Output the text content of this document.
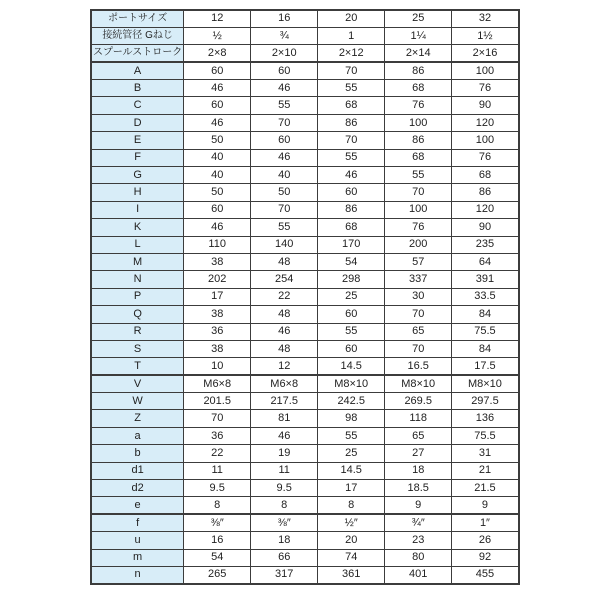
ポートサイズ	12	16	20	25	32
接続管径 Gねじ	½	¾	1	1¼	1½
スプールストローク	2×8	2×10	2×12	2×14	2×16
A	60	60	70	86	100
B	46	46	55	68	76
C	60	55	68	76	90
D	46	70	86	100	120
E	50	60	70	86	100
F	40	46	55	68	76
G	40	40	46	55	68
H	50	50	60	70	86
I	60	70	86	100	120
K	46	55	68	76	90
L	110	140	170	200	235
M	38	48	54	57	64
N	202	254	298	337	391
P	17	22	25	30	33.5
Q	38	48	60	70	84
R	36	46	55	65	75.5
S	38	48	60	70	84
T	10	12	14.5	16.5	17.5
V	M6×8	M6×8	M8×10	M8×10	M8×10
W	201.5	217.5	242.5	269.5	297.5
Z	70	81	98	118	136
a	36	46	55	65	75.5
b	22	19	25	27	31
d1	11	11	14.5	18	21
d2	9.5	9.5	17	18.5	21.5
e	8	8	8	9	9
f	⅜″	⅜″	½″	¾″	1″
u	16	18	20	23	26
m	54	66	74	80	92
n	265	317	361	401	455
